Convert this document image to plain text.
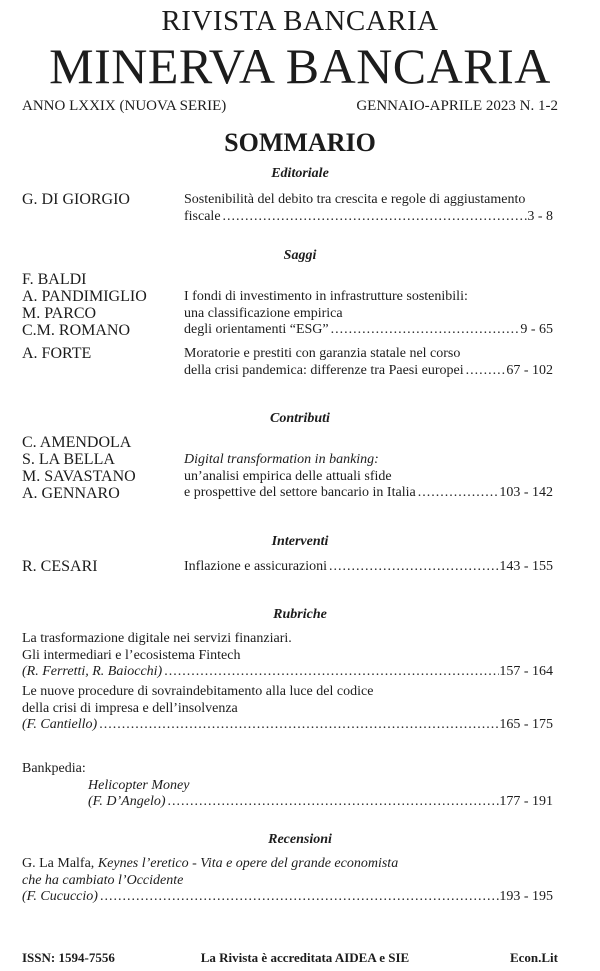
RIVISTA BANCARIA
MINERVA BANCARIA
ANNO LXXIX (NUOVA SERIE)	GENNAIO-APRILE 2023 N. 1-2
SOMMARIO
Editoriale
G. DI GIORGIO	Sostenibilità del debito tra crescita e regole di aggiustamento
fiscale .....	3 - 8
Saggi
F. BALDI
A. PANDIMIGLIO
M. PARCO
C.M. ROMANO
I fondi di investimento in infrastrutture sostenibili:
una classificazione empirica
degli orientamenti “ESG” .....	9 - 65
A. FORTE	Moratorie e prestiti con garanzia statale nel corso
della crisi pandemica: differenze tra Paesi europei .....	67 - 102
Contributi
C. AMENDOLA
S. LA BELLA
M. SAVASTANO
A. GENNARO
Digital transformation in banking:
un’analisi empirica delle attuali sfide
e prospettive del settore bancario in Italia .....	103 - 142
Interventi
R. CESARI	Inflazione e assicurazioni .....	143 - 155
Rubriche
La trasformazione digitale nei servizi finanziari.
Gli intermediari e l’ecosistema Fintech
(R. Ferretti, R. Baiocchi) .....	157 - 164
Le nuove procedure di sovraindebitamento alla luce del codice
della crisi di impresa e dell’insolvenza
(F. Cantiello) .....	165 - 175
Bankpedia:
Helicopter Money
(F. D’Angelo) .....	177 - 191
Recensioni
G. La Malfa, Keynes l’eretico - Vita e opere del grande economista
che ha cambiato l’Occidente
(F. Cucuccio) .....	193 - 195
ISSN: 1594-7556	La Rivista è accreditata AIDEA e SIE	Econ.Lit
